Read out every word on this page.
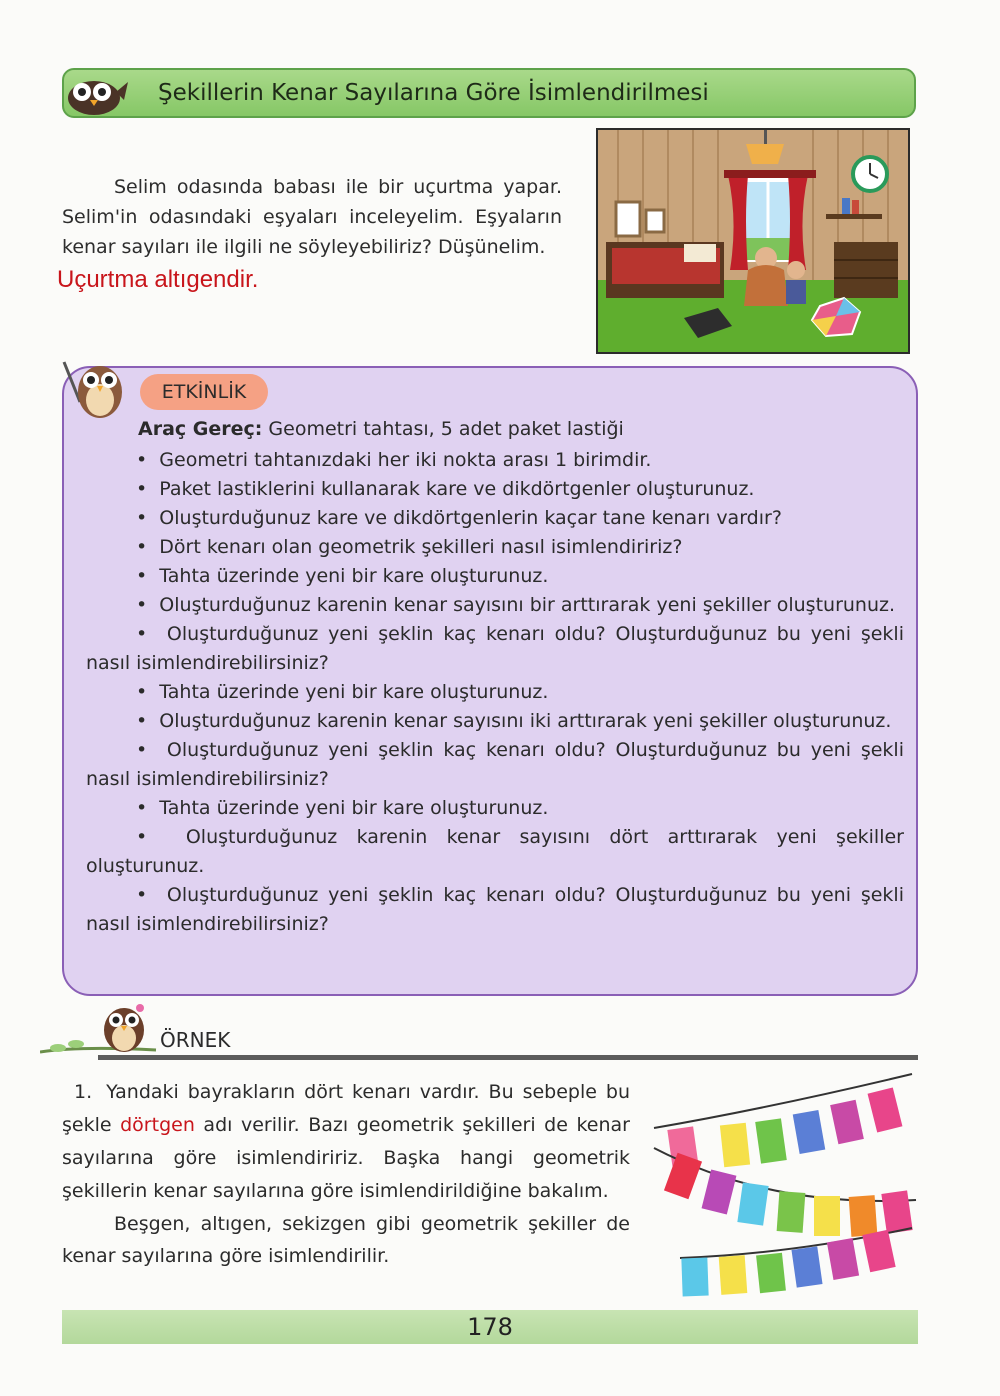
Şekillerin Kenar Sayılarına Göre İsimlendirilmesi

Selim odasında babası ile bir uçurtma yapar. Selim'in odasındaki eşyaları inceleyelim. Eşyaların kenar sayıları ile ilgili ne söyleyebiliriz? Düşünelim.

Uçurtma altıgendir.
ETKİNLİK
Araç Gereç: Geometri tahtası, 5 adet paket lastiği
•  Geometri tahtanızdaki her iki nokta arası 1 birimdir.
•  Paket lastiklerini kullanarak kare ve dikdörtgenler oluşturunuz.
•  Oluşturduğunuz kare ve dikdörtgenlerin kaçar tane kenarı vardır?
•  Dört kenarı olan geometrik şekilleri nasıl isimlendiririz?
•  Tahta üzerinde yeni bir kare oluşturunuz.
•  Oluşturduğunuz karenin kenar sayısını bir arttırarak yeni şekiller oluşturunuz.
•  Oluşturduğunuz yeni şeklin kaç kenarı oldu? Oluşturduğunuz bu yeni şekli nasıl isimlendirebilirsiniz?
•  Tahta üzerinde yeni bir kare oluşturunuz.
•  Oluşturduğunuz karenin kenar sayısını iki arttırarak yeni şekiller oluşturunuz.
•  Oluşturduğunuz yeni şeklin kaç kenarı oldu? Oluşturduğunuz bu yeni şekli nasıl isimlendirebilirsiniz?
•  Tahta üzerinde yeni bir kare oluşturunuz.
•  Oluşturduğunuz karenin kenar sayısını dört arttırarak yeni şekiller oluşturunuz.
•  Oluşturduğunuz yeni şeklin kaç kenarı oldu? Oluşturduğunuz bu yeni şekli nasıl isimlendirebilirsiniz?
ÖRNEK

1. Yandaki bayrakların dört kenarı vardır. Bu sebeple bu şekle dörtgen adı verilir. Bazı geometrik şekilleri de kenar sayılarına göre isimlendiririz. Başka hangi geometrik şekillerin kenar sayılarına göre isimlendirildiğine bakalım.

Beşgen, altıgen, sekizgen gibi geometrik şekiller de kenar sayılarına göre isimlendirilir.

178
